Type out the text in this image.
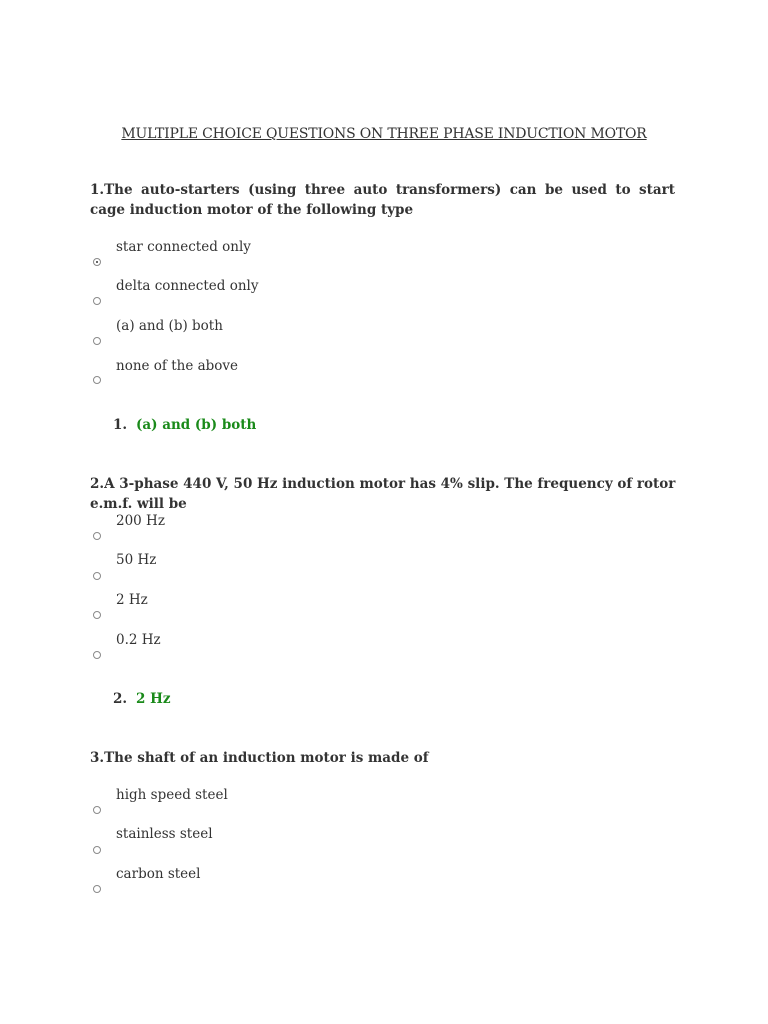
MULTIPLE CHOICE QUESTIONS ON THREE PHASE INDUCTION MOTOR
1.The auto-starters (using three auto transformers) can be used to start cage induction motor of the following type
star connected only
delta connected only
(a) and (b) both
none of the above
1. (a) and (b) both
2.A 3-phase 440 V, 50 Hz induction motor has 4% slip. The frequency of rotor e.m.f. will be
200 Hz
50 Hz
2 Hz
0.2 Hz
2. 2 Hz
3.The shaft of an induction motor is made of
high speed steel
stainless steel
carbon steel
